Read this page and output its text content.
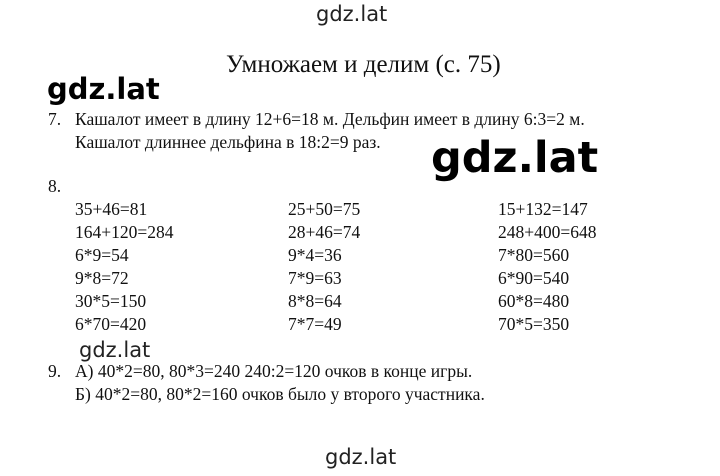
gdz.lat
Умножаем и делим (с. 75)
gdz.lat
7. Кашалот имеет в длину 12+6=18 м. Дельфин имеет в длину 6:3=2 м.
Кашалот длиннее дельфина в 18:2=9 раз. gdz.lat
8.
35+46=81
164+120=284
6*9=54
9*8=72
30*5=150
6*70=420
25+50=75
28+46=74
9*4=36
7*9=63
8*8=64
7*7=49
15+132=147
248+400=648
7*80=560
6*90=540
60*8=480
70*5=350
gdz.lat
9. А) 40*2=80, 80*3=240 240:2=120 очков в конце игры.
Б) 40*2=80, 80*2=160 очков было у второго участника.
gdz.lat
